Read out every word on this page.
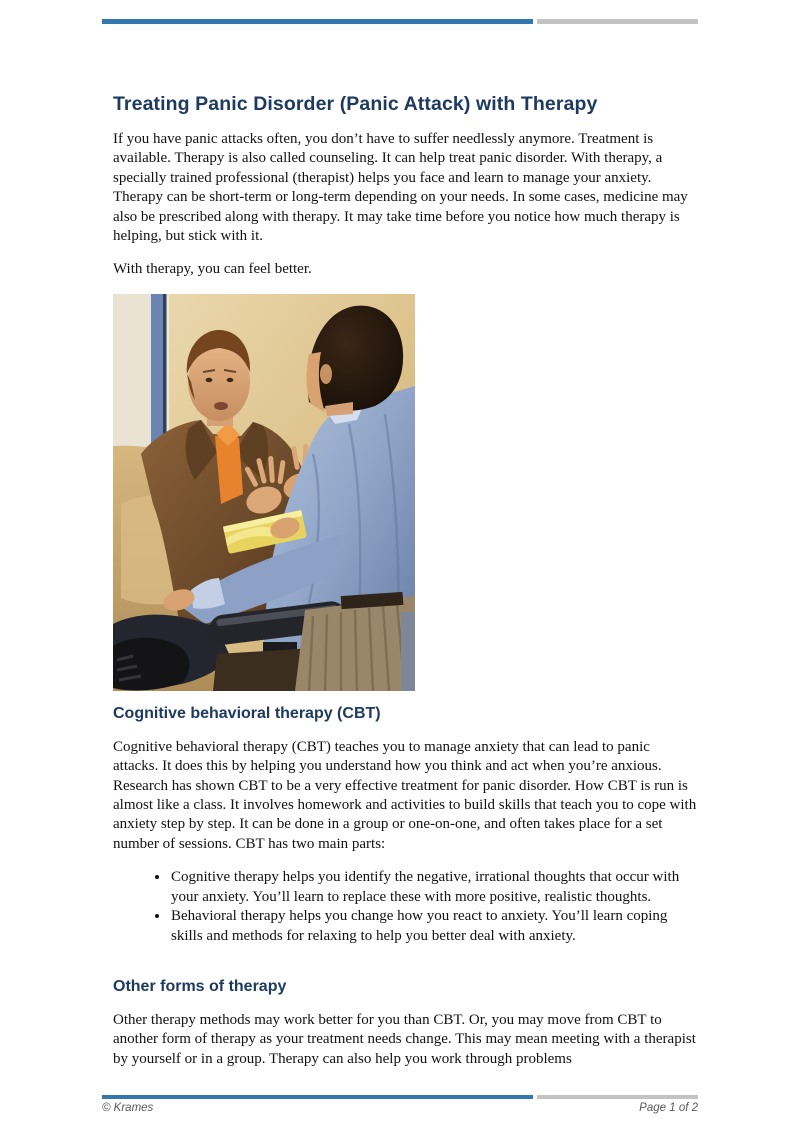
Treating Panic Disorder (Panic Attack) with Therapy

If you have panic attacks often, you don’t have to suffer needlessly anymore. Treatment is available. Therapy is also called counseling. It can help treat panic disorder. With therapy, a specially trained professional (therapist) helps you face and learn to manage your anxiety. Therapy can be short-term or long-term depending on your needs. In some cases, medicine may also be prescribed along with therapy. It may take time before you notice how much therapy is helping, but stick with it.

With therapy, you can feel better.

Cognitive behavioral therapy (CBT)

Cognitive behavioral therapy (CBT) teaches you to manage anxiety that can lead to panic attacks. It does this by helping you understand how you think and act when you’re anxious. Research has shown CBT to be a very effective treatment for panic disorder. How CBT is run is almost like a class. It involves homework and activities to build skills that teach you to cope with anxiety step by step. It can be done in a group or one-on-one, and often takes place for a set number of sessions. CBT has two main parts:

• Cognitive therapy helps you identify the negative, irrational thoughts that occur with your anxiety. You’ll learn to replace these with more positive, realistic thoughts.
• Behavioral therapy helps you change how you react to anxiety. You’ll learn coping skills and methods for relaxing to help you better deal with anxiety.
Other forms of therapy

Other therapy methods may work better for you than CBT. Or, you may move from CBT to another form of therapy as your treatment needs change. This may mean meeting with a therapist by yourself or in a group. Therapy can also help you work through problems

© Krames	Page 1 of 2
